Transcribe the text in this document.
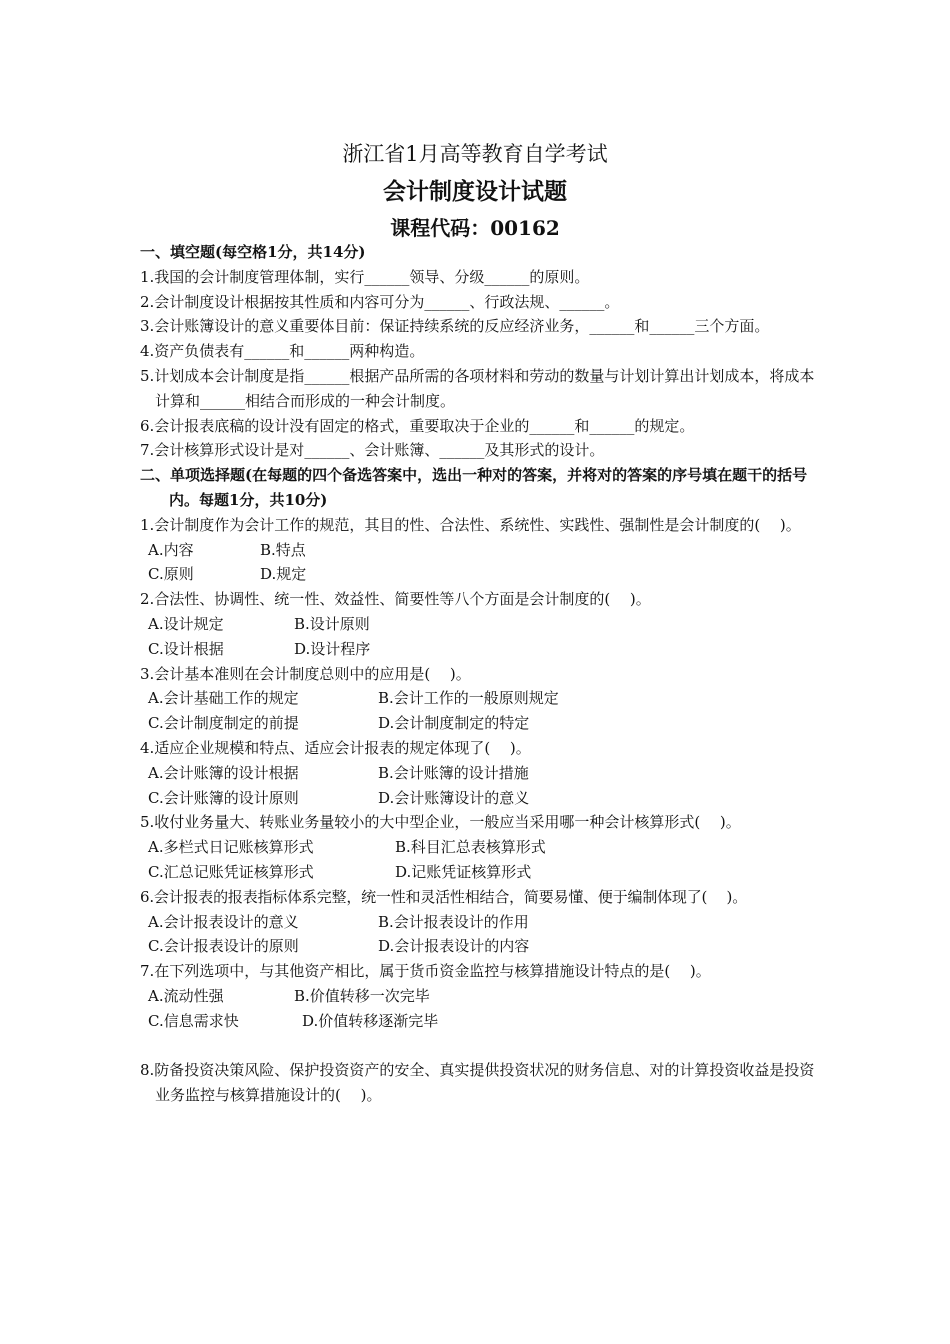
浙江省1月高等教育自学考试
会计制度设计试题
课程代码：00162
一、填空题(每空格1分，共14分)
1.我国的会计制度管理体制，实行______领导、分级______的原则。
2.会计制度设计根据按其性质和内容可分为______、行政法规、______。
3.会计账簿设计的意义重要体目前：保证持续系统的反应经济业务，______和______三个方面。
4.资产负债表有______和______两种构造。
5.计划成本会计制度是指______根据产品所需的各项材料和劳动的数量与计划计算出计划成本，将成本计算和______相结合而形成的一种会计制度。
6.会计报表底稿的设计没有固定的格式，重要取决于企业的______和______的规定。
7.会计核算形式设计是对______、会计账簿、______及其形式的设计。
二、单项选择题(在每题的四个备选答案中，选出一种对的答案，并将对的答案的序号填在题干的括号内。每题1分，共10分)
1.会计制度作为会计工作的规范，其目的性、合法性、系统性、实践性、强制性是会计制度的(　 )。
A.内容	B.特点
C.原则	D.规定
2.合法性、协调性、统一性、效益性、简要性等八个方面是会计制度的(　 )。
A.设计规定	B.设计原则
C.设计根据	D.设计程序
3.会计基本准则在会计制度总则中的应用是(　 )。
A.会计基础工作的规定	B.会计工作的一般原则规定
C.会计制度制定的前提	D.会计制度制定的特定
4.适应企业规模和特点、适应会计报表的规定体现了(　 )。
A.会计账簿的设计根据	B.会计账簿的设计措施
C.会计账簿的设计原则	D.会计账簿设计的意义
5.收付业务量大、转账业务量较小的大中型企业，一般应当采用哪一种会计核算形式(　 )。
A.多栏式日记账核算形式	B.科目汇总表核算形式
C.汇总记账凭证核算形式	D.记账凭证核算形式
6.会计报表的报表指标体系完整，统一性和灵活性相结合，简要易懂、便于编制体现了(　 )。
A.会计报表设计的意义	B.会计报表设计的作用
C.会计报表设计的原则	D.会计报表设计的内容
7.在下列选项中，与其他资产相比，属于货币资金监控与核算措施设计特点的是(　 )。
A.流动性强	B.价值转移一次完毕
C.信息需求快	D.价值转移逐渐完毕
8.防备投资决策风险、保护投资资产的安全、真实提供投资状况的财务信息、对的计算投资收益是投资业务监控与核算措施设计的(　 )。
